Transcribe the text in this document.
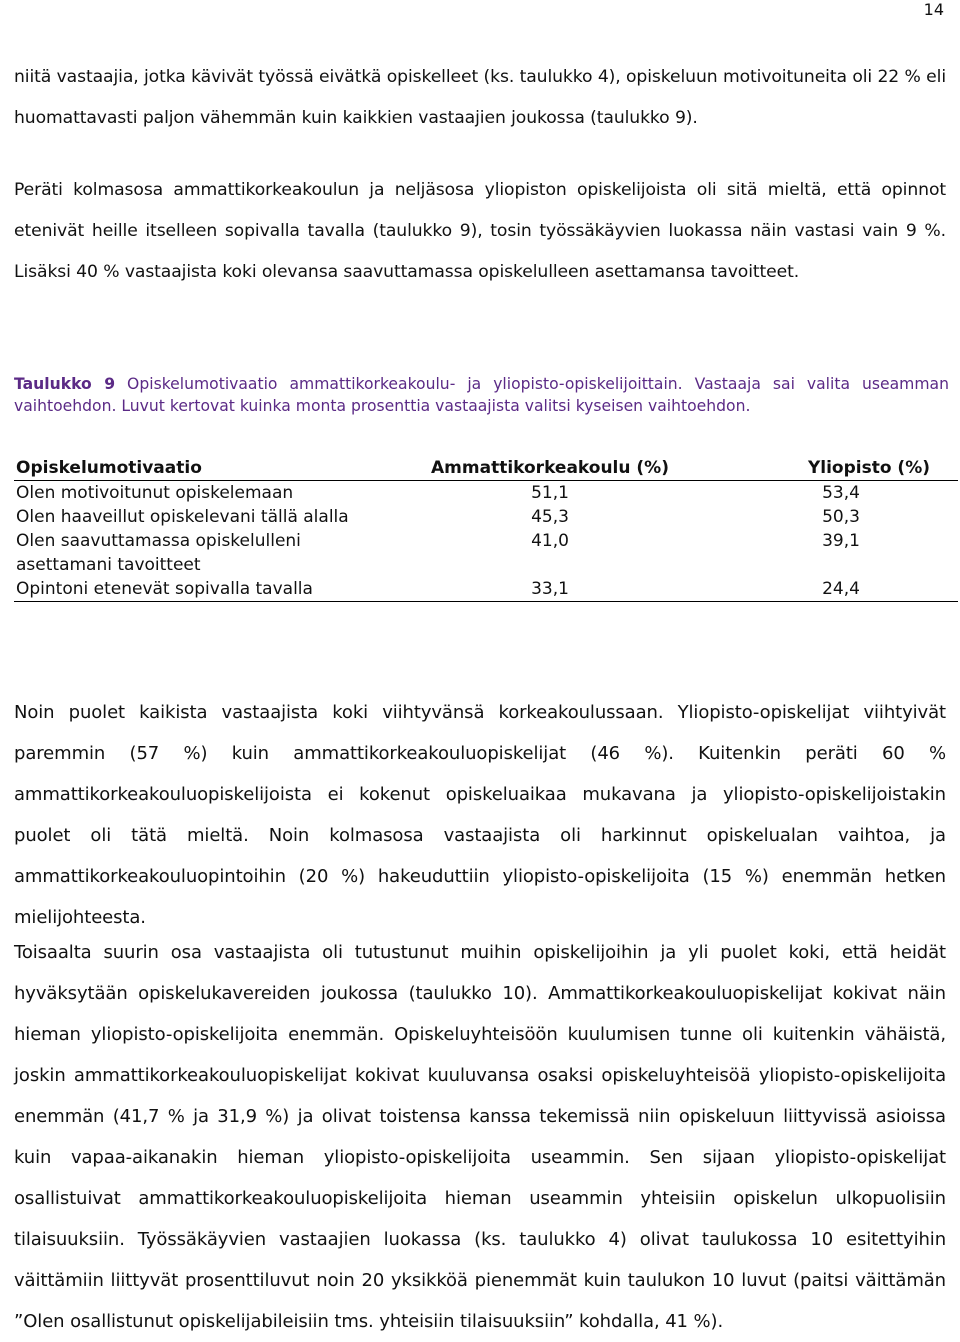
14

niitä vastaajia, jotka kävivät työssä eivätkä opiskelleet (ks. taulukko 4), opiskeluun motivoituneita oli 22 % eli huomattavasti paljon vähemmän kuin kaikkien vastaajien joukossa (taulukko 9).

Peräti kolmasosa ammattikorkeakoulun ja neljäsosa yliopiston opiskelijoista oli sitä mieltä, että opinnot etenivät heille itselleen sopivalla tavalla (taulukko 9), tosin työssäkäyvien luokassa näin vastasi vain 9 %. Lisäksi 40 % vastaajista koki olevansa saavuttamassa opiskelulleen asettamansa tavoitteet.

Taulukko 9 Opiskelumotivaatio ammattikorkeakoulu- ja yliopisto-opiskelijoittain. Vastaaja sai valita useamman vaihtoehdon. Luvut kertovat kuinka monta prosenttia vastaajista valitsi kyseisen vaihtoehdon.

Opiskelumotivaatio	Ammattikorkeakoulu (%)	Yliopisto (%)
Olen motivoitunut opiskelemaan	51,1	53,4
Olen haaveillut opiskelevani tällä alalla	45,3	50,3
Olen saavuttamassa opiskelulleni asettamani tavoitteet	41,0	39,1
Opintoni etenevät sopivalla tavalla	33,1	24,4

Noin puolet kaikista vastaajista koki viihtyvänsä korkeakoulussaan. Yliopisto-opiskelijat viihtyivät paremmin (57 %) kuin ammattikorkeakouluopiskelijat (46 %). Kuitenkin peräti 60 % ammattikorkeakouluopiskelijoista ei kokenut opiskeluaikaa mukavana ja yliopisto-opiskelijoistakin puolet oli tätä mieltä. Noin kolmasosa vastaajista oli harkinnut opiskelualan vaihtoa, ja ammattikorkeakouluopintoihin (20 %) hakeuduttiin yliopisto-opiskelijoita (15 %) enemmän hetken mielijohteesta.

Toisaalta suurin osa vastaajista oli tutustunut muihin opiskelijoihin ja yli puolet koki, että heidät hyväksytään opiskelukavereiden joukossa (taulukko 10). Ammattikorkeakouluopiskelijat kokivat näin hieman yliopisto-opiskelijoita enemmän. Opiskeluyhteisöön kuulumisen tunne oli kuitenkin vähäistä, joskin ammattikorkeakouluopiskelijat kokivat kuuluvansa osaksi opiskeluyhteisöä yliopisto-opiskelijoita enemmän (41,7 % ja 31,9 %) ja olivat toistensa kanssa tekemissä niin opiskeluun liittyvissä asioissa kuin vapaa-aikanakin hieman yliopisto-opiskelijoita useammin. Sen sijaan yliopisto-opiskelijat osallistuivat ammattikorkeakouluopiskelijoita hieman useammin yhteisiin opiskelun ulkopuolisiin tilaisuuksiin. Työssäkäyvien vastaajien luokassa (ks. taulukko 4) olivat taulukossa 10 esitettyihin väittämiin liittyvät prosenttiluvut noin 20 yksikköä pienemmät kuin taulukon 10 luvut (paitsi väittämän ”Olen osallistunut opiskelijabileisiin tms. yhteisiin tilaisuuksiin” kohdalla, 41 %).
